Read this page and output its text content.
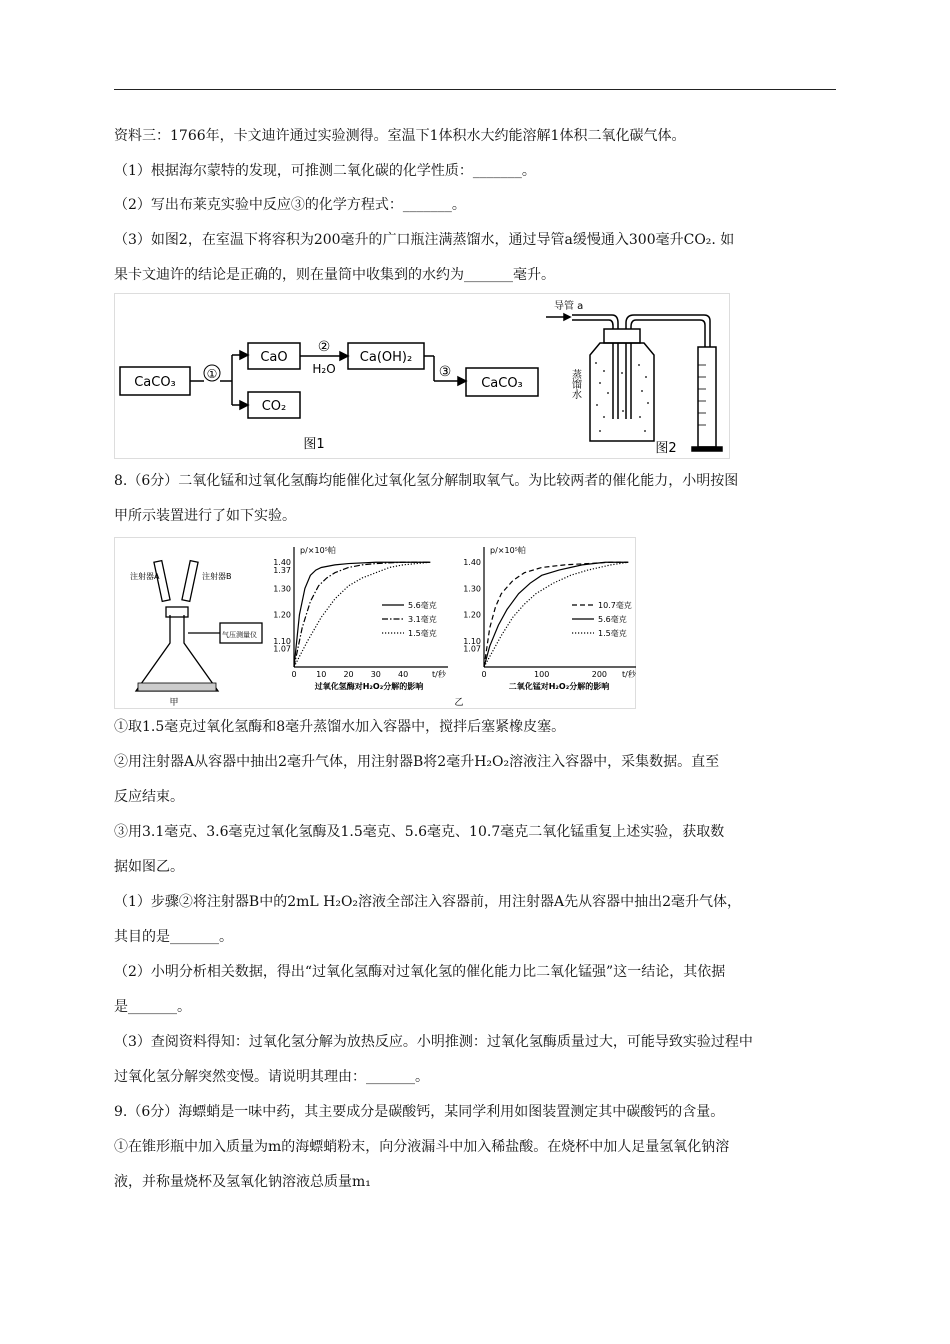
资料三：1766年，卡文迪许通过实验测得。室温下1体积水大约能溶解1体积二氧化碳气体。
（1）根据海尔蒙特的发现，可推测二氧化碳的化学性质：_______。
（2）写出布莱克实验中反应③的化学方程式：_______。
（3）如图2，在室温下将容积为200毫升的广口瓶注满蒸馏水，通过导管a缓慢通入300毫升CO₂. 如
果卡文迪许的结论是正确的，则在量筒中收集到的水约为_______毫升。
CaCO₃
①
CaO
CO₂
②
H₂O
Ca(OH)₂
③
CaCO₃
图1
导管 a
蒸馏水
图2
8.（6分）二氧化锰和过氧化氢酶均能催化过氧化氢分解制取氧气。为比较两者的催化能力，小明按图
甲所示装置进行了如下实验。
注射器A	注射器B
气压测量仪
甲	乙
p/×10⁵帕
t/秒
1.07
1.10
1.20
1.30
1.37
1.40
0 10 20 30 40
过氧化氢酶对H₂O₂分解的影响
5.6毫克
3.1毫克
1.5毫克
p/×10⁵帕
t/秒
1.07
1.10
1.20
1.30
1.40
0	100	200
二氧化锰对H₂O₂分解的影响
10.7毫克
5.6毫克
1.5毫克
①取1.5毫克过氧化氢酶和8毫升蒸馏水加入容器中，搅拌后塞紧橡皮塞。
②用注射器A从容器中抽出2毫升气体，用注射器B将2毫升H₂O₂溶液注入容器中，采集数据。直至
反应结束。
③用3.1毫克、3.6毫克过氧化氢酶及1.5毫克、5.6毫克、10.7毫克二氧化锰重复上述实验，获取数
据如图乙。
（1）步骤②将注射器B中的2mL H₂O₂溶液全部注入容器前，用注射器A先从容器中抽出2毫升气体，
其目的是_______。
（2）小明分析相关数据，得出“过氧化氢酶对过氧化氢的催化能力比二氧化锰强”这一结论，其依据
是_______。
（3）查阅资料得知：过氧化氢分解为放热反应。小明推测：过氧化氢酶质量过大，可能导致实验过程中
过氧化氢分解突然变慢。请说明其理由：_______。
9.（6分）海螵蛸是一味中药，其主要成分是碳酸钙，某同学利用如图装置测定其中碳酸钙的含量。
①在锥形瓶中加入质量为m的海螵蛸粉末，向分液漏斗中加入稀盐酸。在烧杯中加人足量氢氧化钠溶
液，并称量烧杯及氢氧化钠溶液总质量m₁
